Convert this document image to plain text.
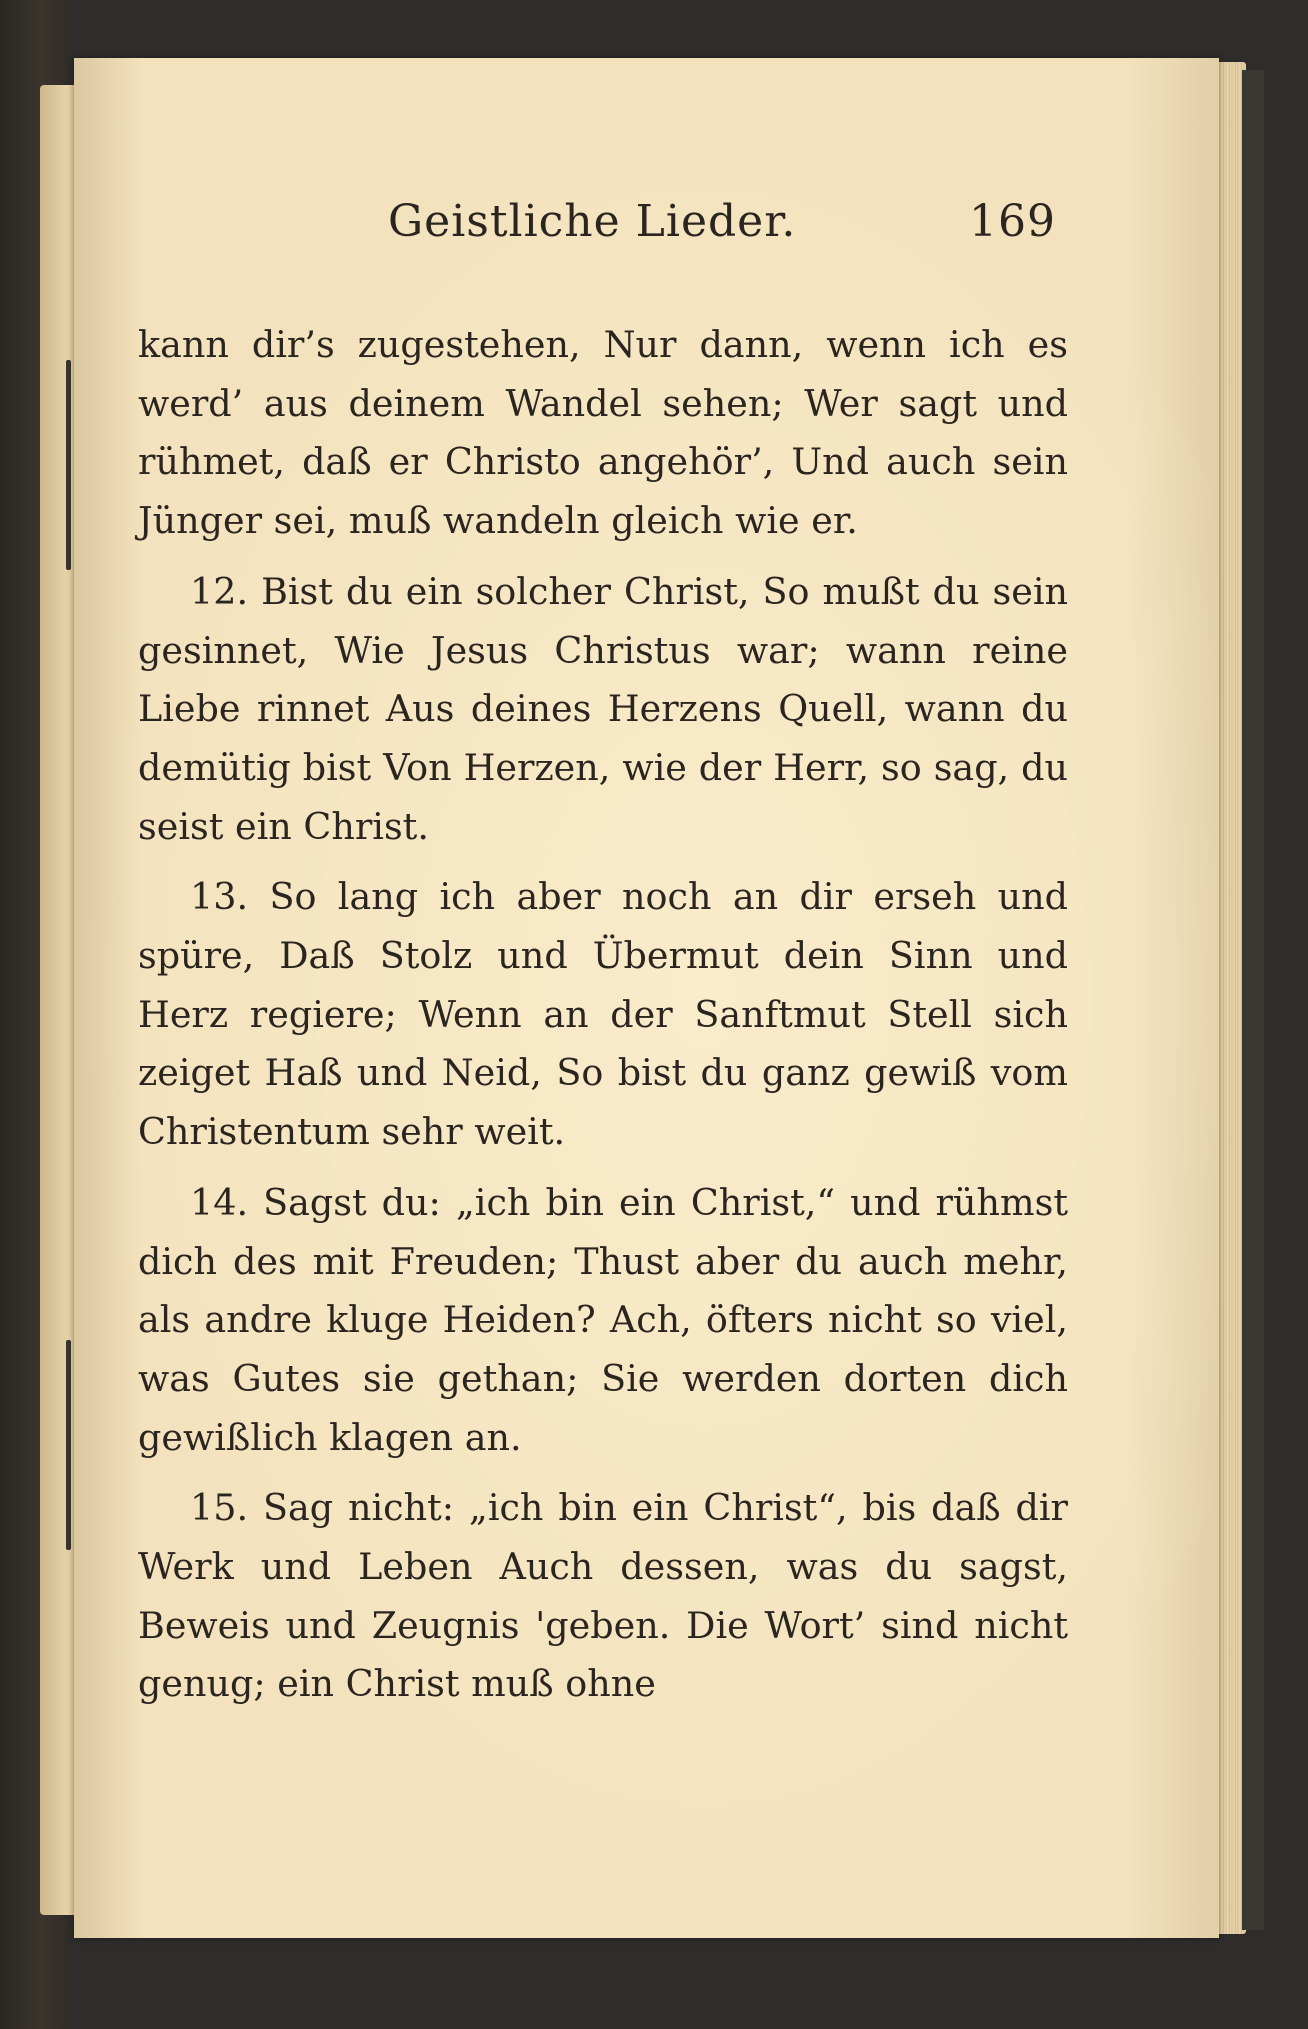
Geistliche Lieder.	169

kann dir’s zugestehen, Nur dann, wenn ich es werd’ aus deinem Wandel sehen; Wer sagt und rühmet, daß er Christo angehör’, Und auch sein Jünger sei, muß wandeln gleich wie er.

12. Bist du ein solcher Christ, So mußt du sein gesinnet, Wie Jesus Christus war; wann reine Liebe rinnet Aus deines Herzens Quell, wann du demütig bist Von Herzen, wie der Herr, so sag, du seist ein Christ.

13. So lang ich aber noch an dir erseh und spüre, Daß Stolz und Übermut dein Sinn und Herz regiere; Wenn an der Sanftmut Stell sich zeiget Haß und Neid, So bist du ganz gewiß vom Christentum sehr weit.

14. Sagst du: „ich bin ein Christ,“ und rühmst dich des mit Freuden; Thust aber du auch mehr, als andre kluge Heiden? Ach, öfters nicht so viel, was Gutes sie gethan; Sie werden dorten dich gewißlich klagen an.

15. Sag nicht: „ich bin ein Christ“, bis daß dir Werk und Leben Auch dessen, was du sagst, Beweis und Zeugnis 'geben. Die Wort’ sind nicht genug; ein Christ muß ohne
